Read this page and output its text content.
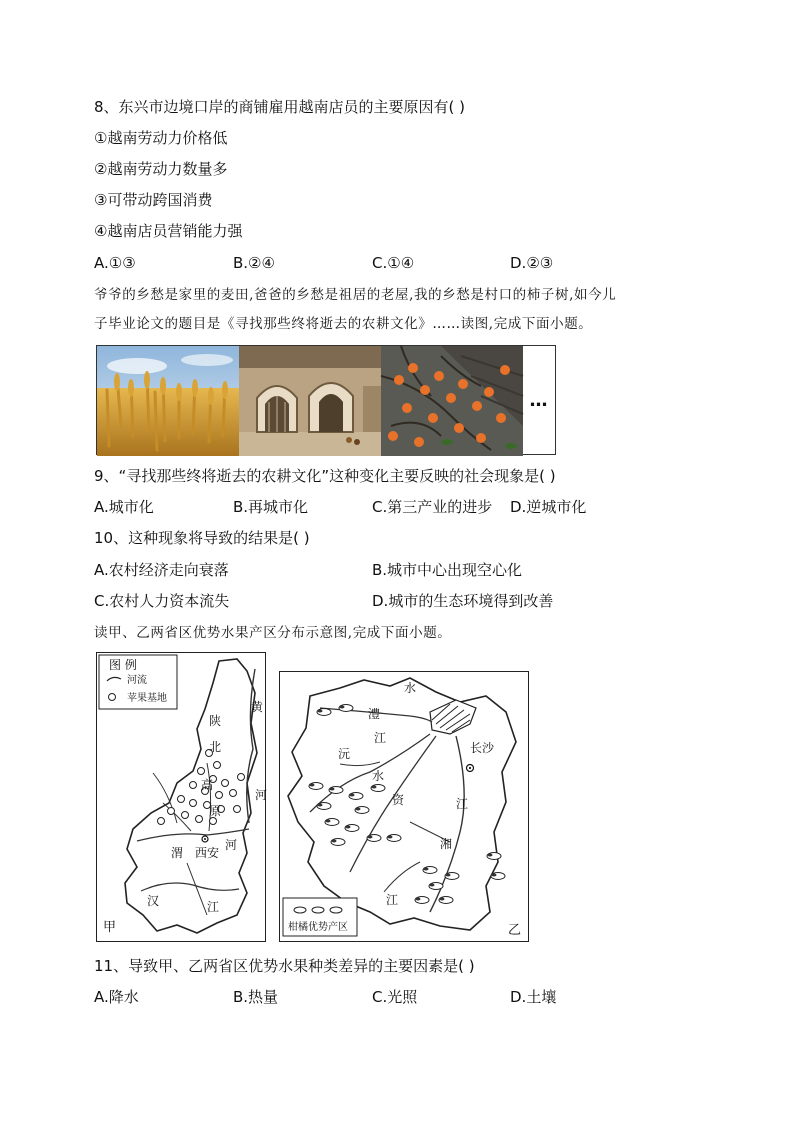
8、东兴市边境口岸的商铺雇用越南店员的主要原因有( )
①越南劳动力价格低
②越南劳动力数量多
③可带动跨国消费
④越南店员营销能力强
A.①③	B.②④	C.①④	D.②③
爷爷的乡愁是家里的麦田,爸爸的乡愁是祖居的老屋,我的乡愁是村口的柿子树,如今儿
子毕业论文的题目是《寻找那些终将逝去的农耕文化》……读图,完成下面小题。
…
9、“寻找那些终将逝去的农耕文化”这种变化主要反映的社会现象是( )
A.城市化	B.再城市化	C.第三产业的进步 D.逆城市化
10、这种现象将导致的结果是( )
A.农村经济走向衰落	B.城市中心出现空心化
C.农村人力资本流失	D.城市的生态环境得到改善
读甲、乙两省区优势水果产区分布示意图,完成下面小题。
图 例
河流
苹果基地
黄
河
陕
北
高
原
渭 西安
河
汉	江
甲
水
澧
江
长沙
沅
水
资	江
湘
江
柑橘优势产区	乙
11、导致甲、乙两省区优势水果种类差异的主要因素是( )
A.降水	B.热量	C.光照	D.土壤
